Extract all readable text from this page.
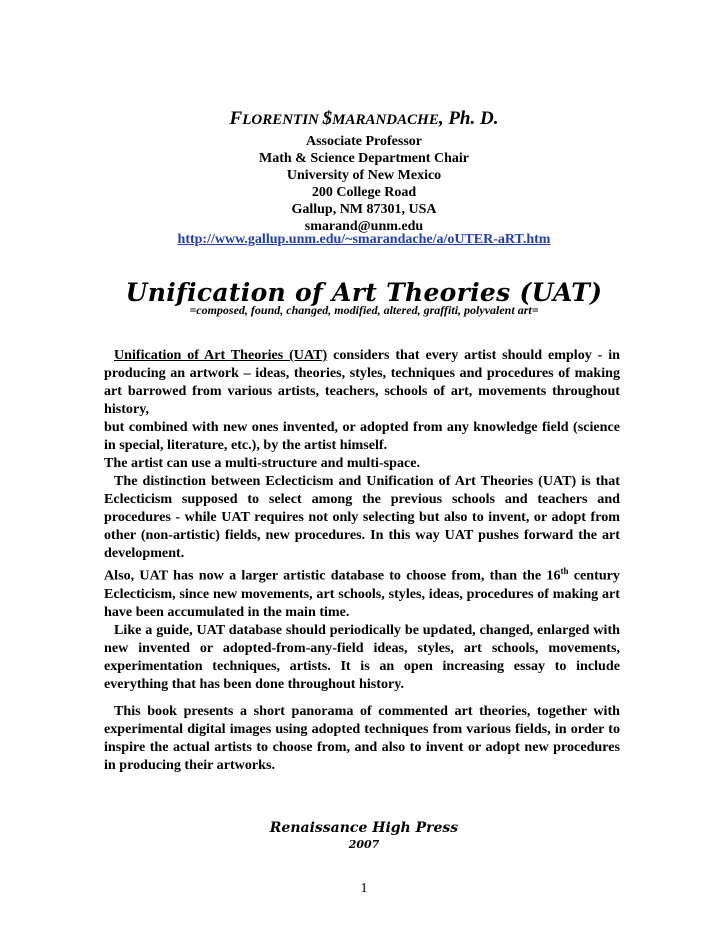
FLORENTIN $MARANDACHE, Ph. D.
Associate Professor
Math & Science Department Chair
University of New Mexico
200 College Road
Gallup, NM 87301, USA
smarand@unm.edu
http://www.gallup.unm.edu/~smarandache/a/oUTER-aRT.htm
Unification of Art Theories (UAT)
=composed, found, changed, modified, altered, graffiti, polyvalent art=

Unification of Art Theories (UAT) considers that every artist should employ - in producing an artwork – ideas, theories, styles, techniques and procedures of making art barrowed from various artists, teachers, schools of art, movements throughout history,

but combined with new ones invented, or adopted from any knowledge field (science in special, literature, etc.), by the artist himself.

The artist can use a multi-structure and multi-space.

The distinction between Eclecticism and Unification of Art Theories (UAT) is that Eclecticism supposed to select among the previous schools and teachers and procedures - while UAT requires not only selecting but also to invent, or adopt from other (non-artistic) fields, new procedures. In this way UAT pushes forward the art development.

Also, UAT has now a larger artistic database to choose from, than the 16th century Eclecticism, since new movements, art schools, styles, ideas, procedures of making art have been accumulated in the main time.

Like a guide, UAT database should periodically be updated, changed, enlarged with new invented or adopted-from-any-field ideas, styles, art schools, movements, experimentation techniques, artists. It is an open increasing essay to include everything that has been done throughout history.

This book presents a short panorama of commented art theories, together with experimental digital images using adopted techniques from various fields, in order to inspire the actual artists to choose from, and also to invent or adopt new procedures in producing their artworks.

Renaissance High Press
2007
1
